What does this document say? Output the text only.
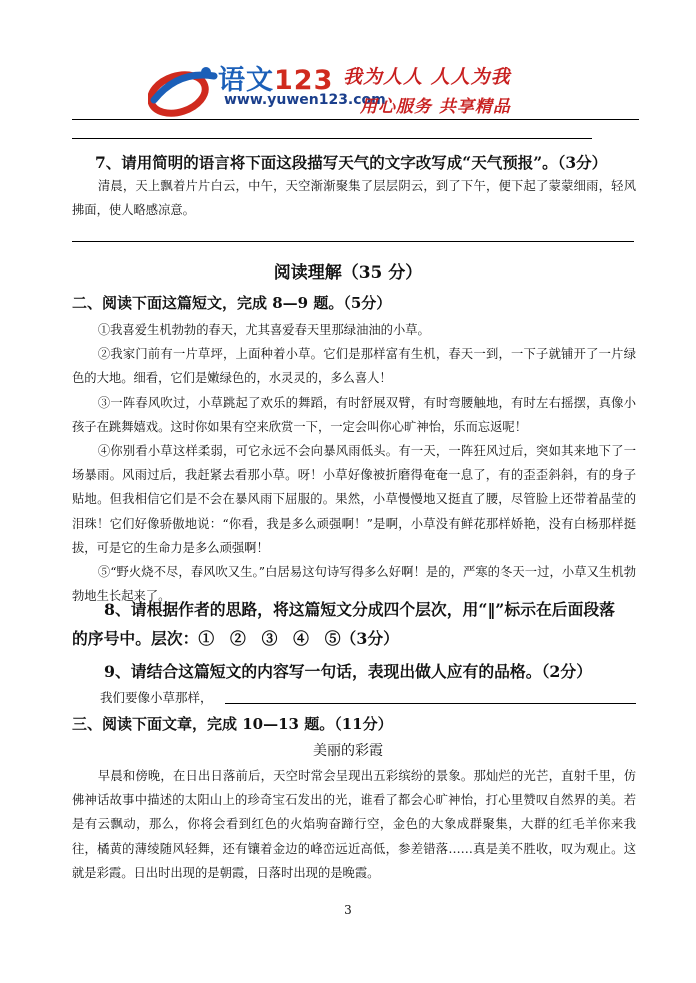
语文123
www.yuwen123.com
我为人人 人人为我
用心服务 共享精品
7、请用简明的语言将下面这段描写天气的文字改写成“天气预报”。（3分）
清晨，天上飘着片片白云，中午，天空渐渐聚集了层层阴云，到了下午，便下起了蒙蒙细雨，轻风拂面，使人略感凉意。
阅读理解（35 分）
二、阅读下面这篇短文，完成 8—9 题。（5分）

①我喜爱生机勃勃的春天，尤其喜爱春天里那绿油油的小草。

②我家门前有一片草坪，上面种着小草。它们是那样富有生机，春天一到，一下子就铺开了一片绿色的大地。细看，它们是嫩绿色的，水灵灵的，多么喜人！

③一阵春风吹过，小草跳起了欢乐的舞蹈，有时舒展双臂，有时弯腰触地，有时左右摇摆，真像小孩子在跳舞嬉戏。这时你如果有空来欣赏一下，一定会叫你心旷神怡，乐而忘返呢！

④你别看小草这样柔弱，可它永远不会向暴风雨低头。有一天，一阵狂风过后，突如其来地下了一场暴雨。风雨过后，我赶紧去看那小草。呀！小草好像被折磨得奄奄一息了，有的歪歪斜斜，有的身子贴地。但我相信它们是不会在暴风雨下屈服的。果然，小草慢慢地又挺直了腰，尽管脸上还带着晶莹的泪珠！它们好像骄傲地说：“你看，我是多么顽强啊！”是啊，小草没有鲜花那样娇艳，没有白杨那样挺拔，可是它的生命力是多么顽强啊！

⑤“野火烧不尽，春风吹又生。”白居易这句诗写得多么好啊！是的，严寒的冬天一过，小草又生机勃勃地生长起来了。

8、请根据作者的思路，将这篇短文分成四个层次，用“‖”标示在后面段落
的序号中。层次：①　②　③　④　⑤（3分）
9、请结合这篇短文的内容写一句话，表现出做人应有的品格。（2分）
我们要像小草那样，
三、阅读下面文章，完成 10—13 题。（11分）
美丽的彩霞
早晨和傍晚，在日出日落前后，天空时常会呈现出五彩缤纷的景象。那灿烂的光芒，直射千里，仿佛神话故事中描述的太阳山上的珍奇宝石发出的光，谁看了都会心旷神怡，打心里赞叹自然界的美。若是有云飘动，那么，你将会看到红色的火焰驹奋蹄行空，金色的大象成群聚集，大群的红毛羊你来我往，橘黄的薄绫随风轻舞，还有镶着金边的峰峦远近高低，参差错落……真是美不胜收，叹为观止。这就是彩霞。日出时出现的是朝霞，日落时出现的是晚霞。
3
